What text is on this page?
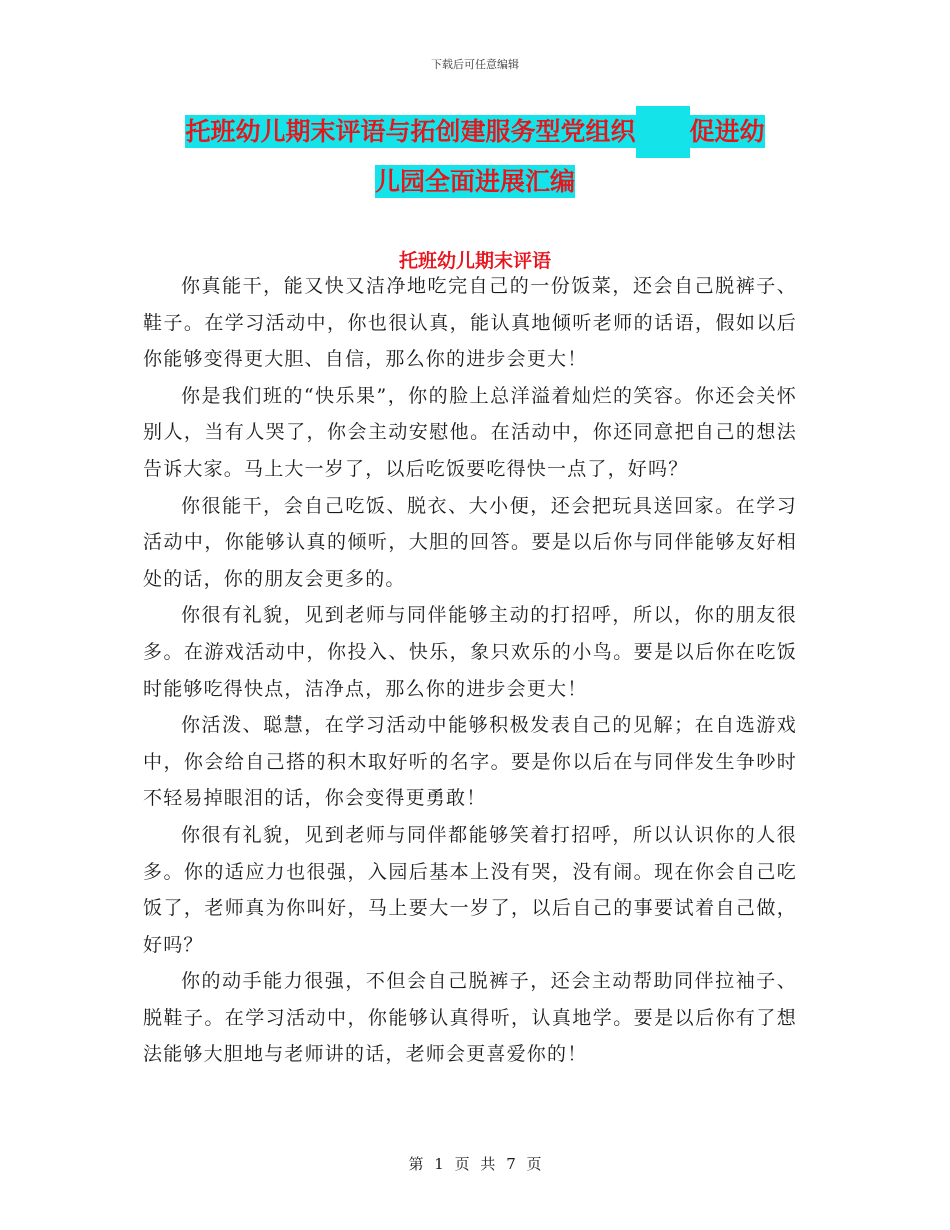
下载后可任意编辑
托班幼儿期末评语与拓创建服务型党组织 促进幼
儿园全面进展汇编
托班幼儿期末评语

你真能干，能又快又洁净地吃完自己的一份饭菜，还会自己脱裤子、鞋子。在学习活动中，你也很认真，能认真地倾听老师的话语，假如以后你能够变得更大胆、自信，那么你的进步会更大！

你是我们班的“快乐果”，你的脸上总洋溢着灿烂的笑容。你还会关怀别人，当有人哭了，你会主动安慰他。在活动中，你还同意把自己的想法告诉大家。马上大一岁了，以后吃饭要吃得快一点了，好吗？

你很能干，会自己吃饭、脱衣、大小便，还会把玩具送回家。在学习活动中，你能够认真的倾听，大胆的回答。要是以后你与同伴能够友好相处的话，你的朋友会更多的。

你很有礼貌，见到老师与同伴能够主动的打招呼，所以，你的朋友很多。在游戏活动中，你投入、快乐，象只欢乐的小鸟。要是以后你在吃饭时能够吃得快点，洁净点，那么你的进步会更大！

你活泼、聪慧，在学习活动中能够积极发表自己的见解；在自选游戏中，你会给自己搭的积木取好听的名字。要是你以后在与同伴发生争吵时不轻易掉眼泪的话，你会变得更勇敢！

你很有礼貌，见到老师与同伴都能够笑着打招呼，所以认识你的人很多。你的适应力也很强，入园后基本上没有哭，没有闹。现在你会自己吃饭了，老师真为你叫好，马上要大一岁了，以后自己的事要试着自己做，好吗？

你的动手能力很强，不但会自己脱裤子，还会主动帮助同伴拉袖子、脱鞋子。在学习活动中，你能够认真得听，认真地学。要是以后你有了想法能够大胆地与老师讲的话，老师会更喜爱你的！

第 1 页 共 7 页
